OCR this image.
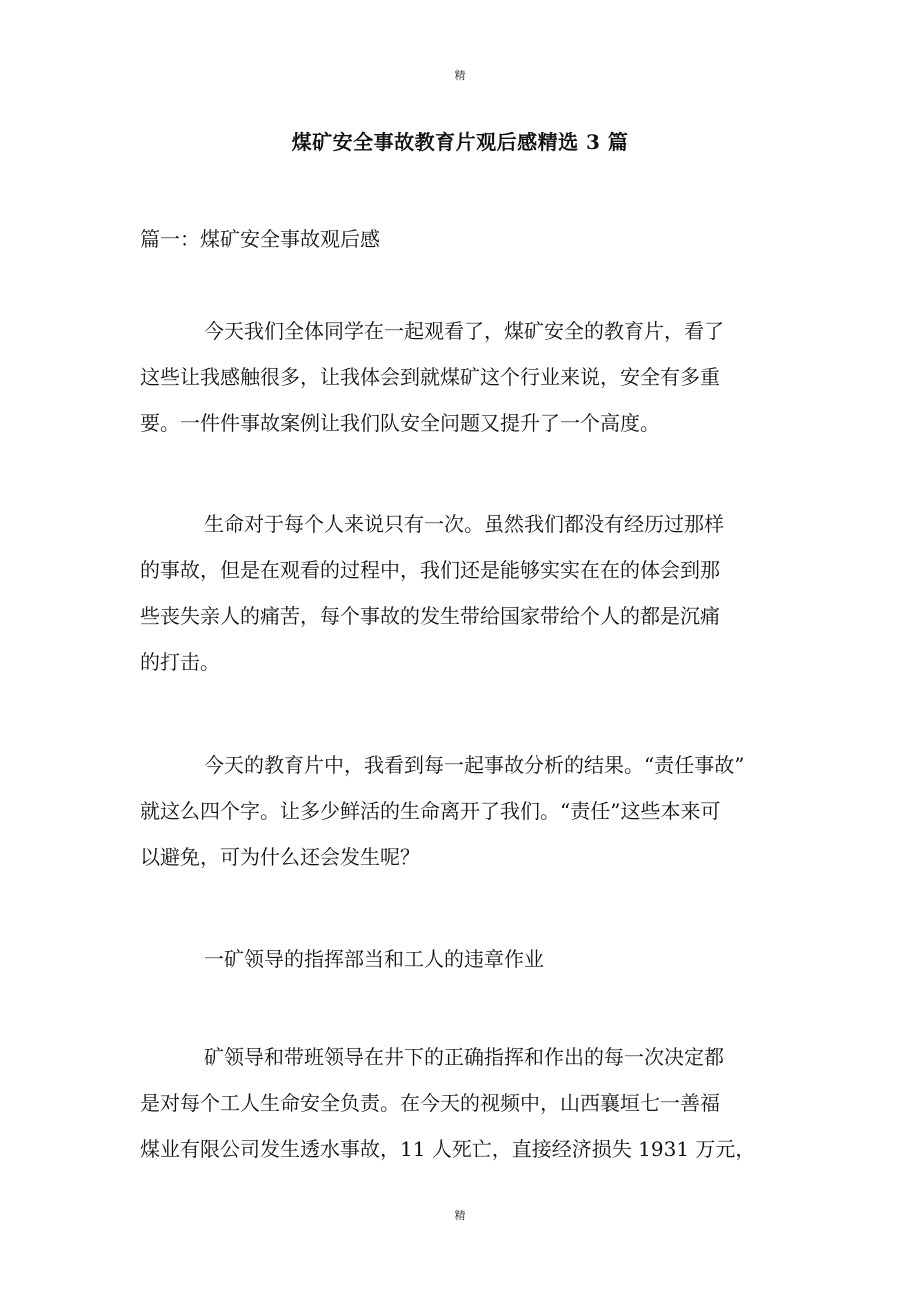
精
煤矿安全事故教育片观后感精选 3 篇

篇一：煤矿安全事故观后感

今天我们全体同学在一起观看了，煤矿安全的教育片，看了
这些让我感触很多，让我体会到就煤矿这个行业来说，安全有多重
要。一件件事故案例让我们队安全问题又提升了一个高度。

生命对于每个人来说只有一次。虽然我们都没有经历过那样
的事故，但是在观看的过程中，我们还是能够实实在在的体会到那
些丧失亲人的痛苦，每个事故的发生带给国家带给个人的都是沉痛
的打击。

今天的教育片中，我看到每一起事故分析的结果。“责任事故”
就这么四个字。让多少鲜活的生命离开了我们。“责任”这些本来可
以避免，可为什么还会发生呢？

一矿领导的指挥部当和工人的违章作业

矿领导和带班领导在井下的正确指挥和作出的每一次决定都
是对每个工人生命安全负责。在今天的视频中，山西襄垣七一善福
煤业有限公司发生透水事故，11 人死亡，直接经济损失 1931 万元，

精
